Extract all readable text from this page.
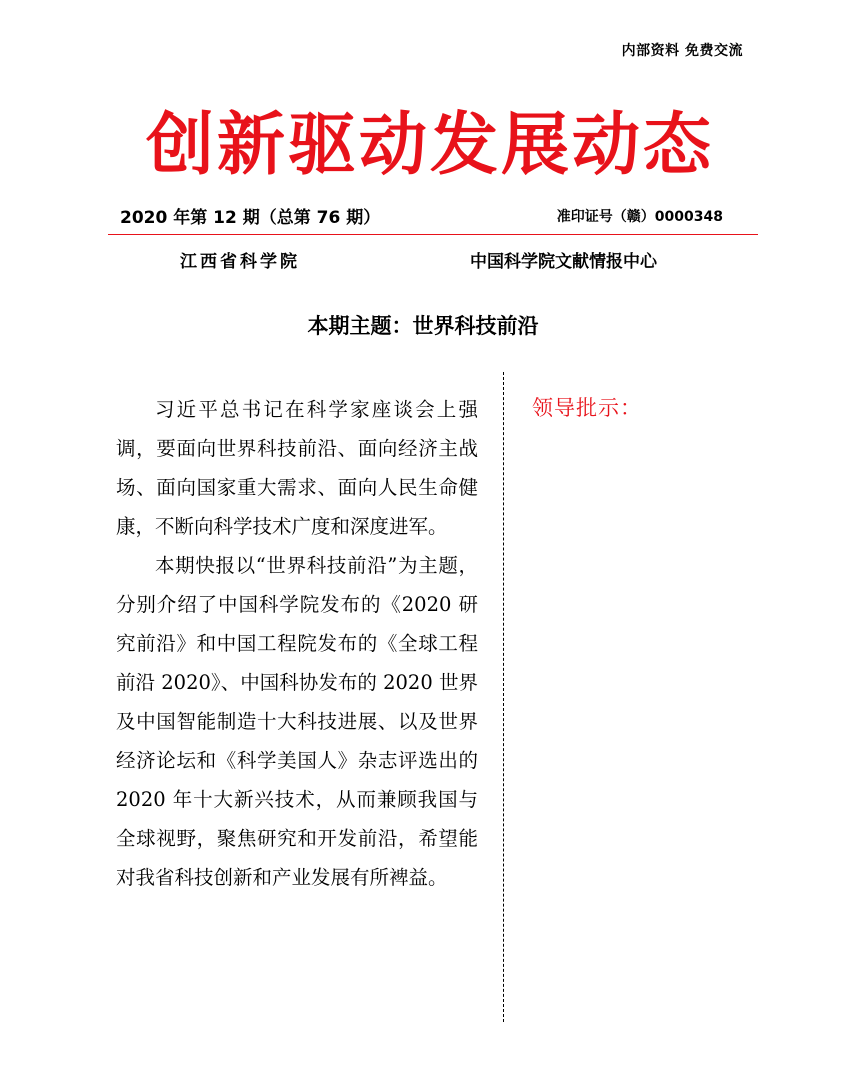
内部资料 免费交流
创新驱动发展动态
2020 年第 12 期（总第 76 期）	准印证号（赣）0000348
江西省科学院	中国科学院文献情报中心
本期主题：世界科技前沿

习近平总书记在科学家座谈会上强调，要面向世界科技前沿、面向经济主战场、面向国家重大需求、面向人民生命健康，不断向科学技术广度和深度进军。

本期快报以“世界科技前沿”为主题，分别介绍了中国科学院发布的《2020 研究前沿》和中国工程院发布的《全球工程前沿 2020》、中国科协发布的 2020 世界及中国智能制造十大科技进展、以及世界经济论坛和《科学美国人》杂志评选出的 2020 年十大新兴技术，从而兼顾我国与全球视野，聚焦研究和开发前沿，希望能对我省科技创新和产业发展有所裨益。

领导批示：
